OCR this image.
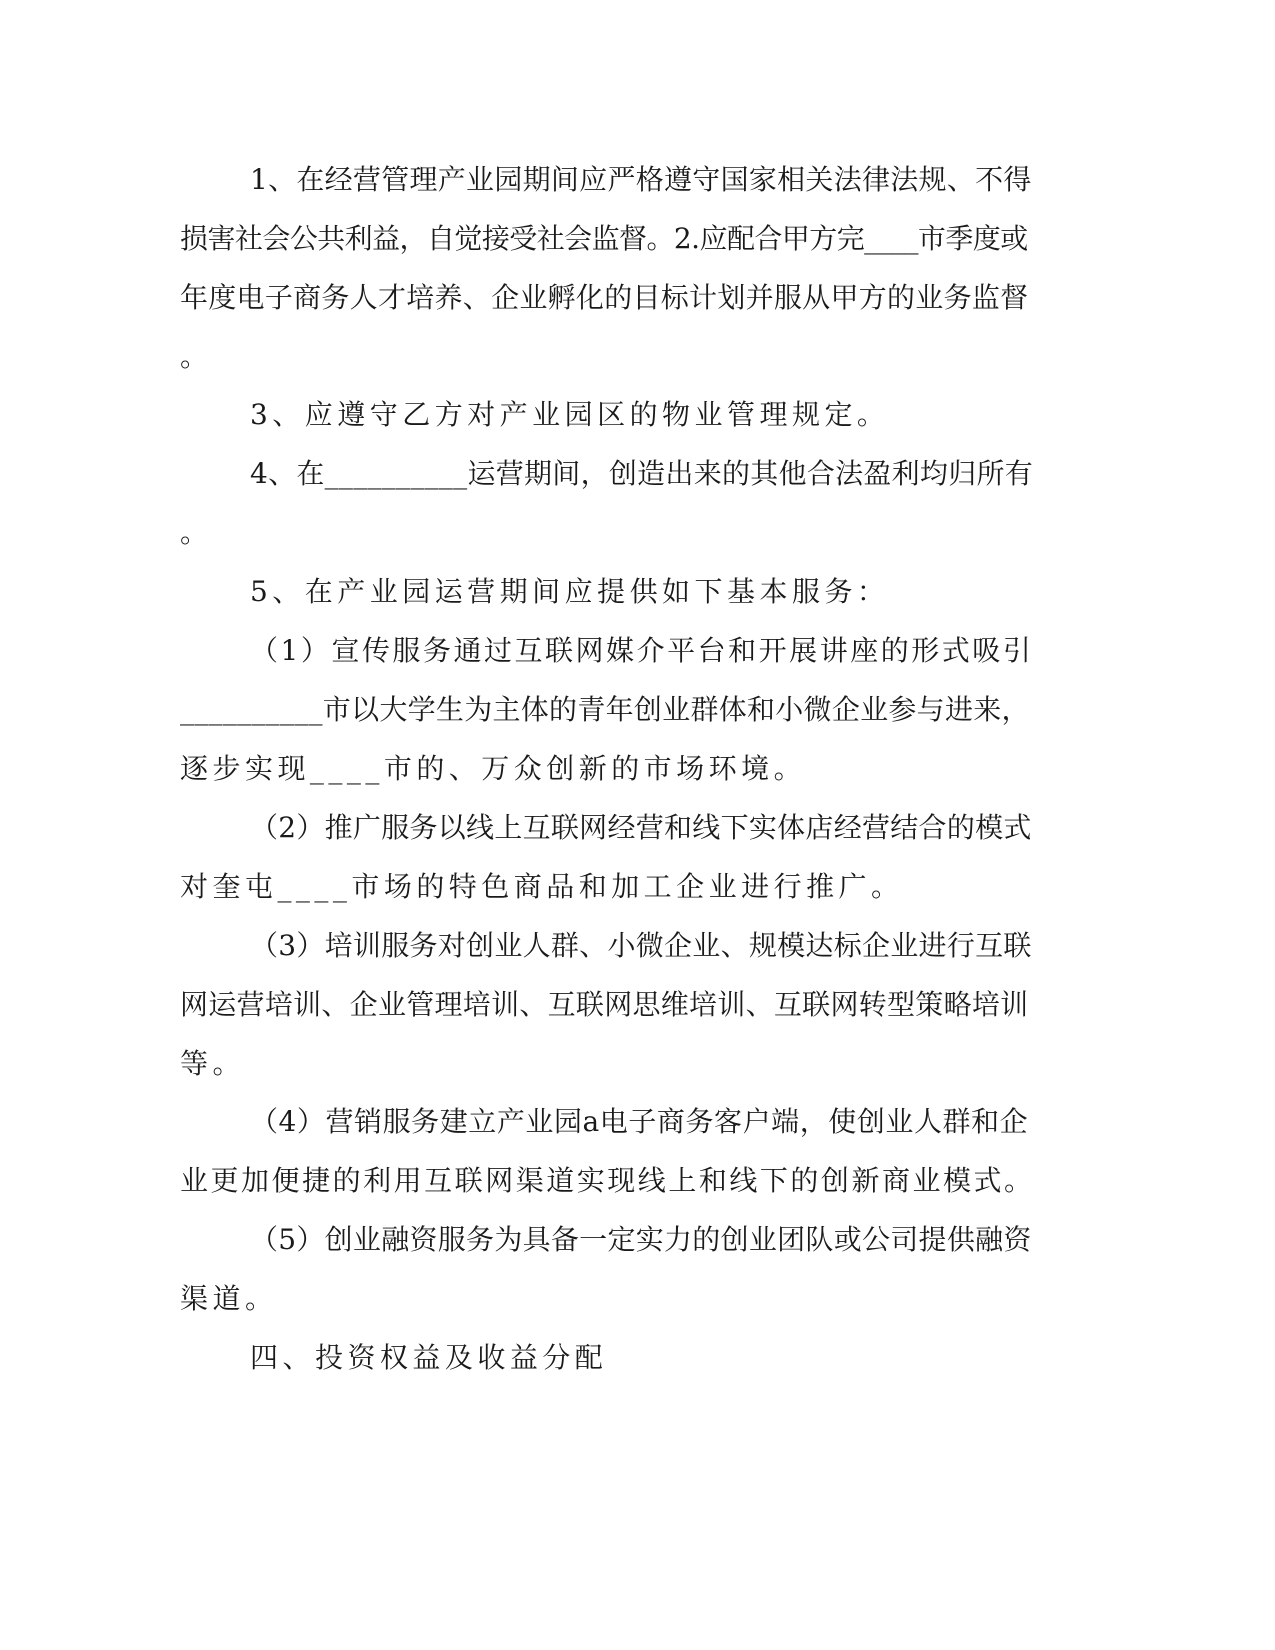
1、在经营管理产业园期间应严格遵守国家相关法律法规、不得
损害社会公共利益，自觉接受社会监督。2.应配合甲方完____市季度或
年度电子商务人才培养、企业孵化的目标计划并服从甲方的业务监督
。
3、应遵守乙方对产业园区的物业管理规定。
4、在__________运营期间，创造出来的其他合法盈利均归所有
。
5、在产业园运营期间应提供如下基本服务：
（1）宣传服务通过互联网媒介平台和开展讲座的形式吸引
__________市以大学生为主体的青年创业群体和小微企业参与进来，
逐步实现____市的、万众创新的市场环境。
（2）推广服务以线上互联网经营和线下实体店经营结合的模式
对奎屯____市场的特色商品和加工企业进行推广。
（3）培训服务对创业人群、小微企业、规模达标企业进行互联
网运营培训、企业管理培训、互联网思维培训、互联网转型策略培训
等。
（4）营销服务建立产业园a电子商务客户端，使创业人群和企
业更加便捷的利用互联网渠道实现线上和线下的创新商业模式。
（5）创业融资服务为具备一定实力的创业团队或公司提供融资
渠道。
四、投资权益及收益分配
